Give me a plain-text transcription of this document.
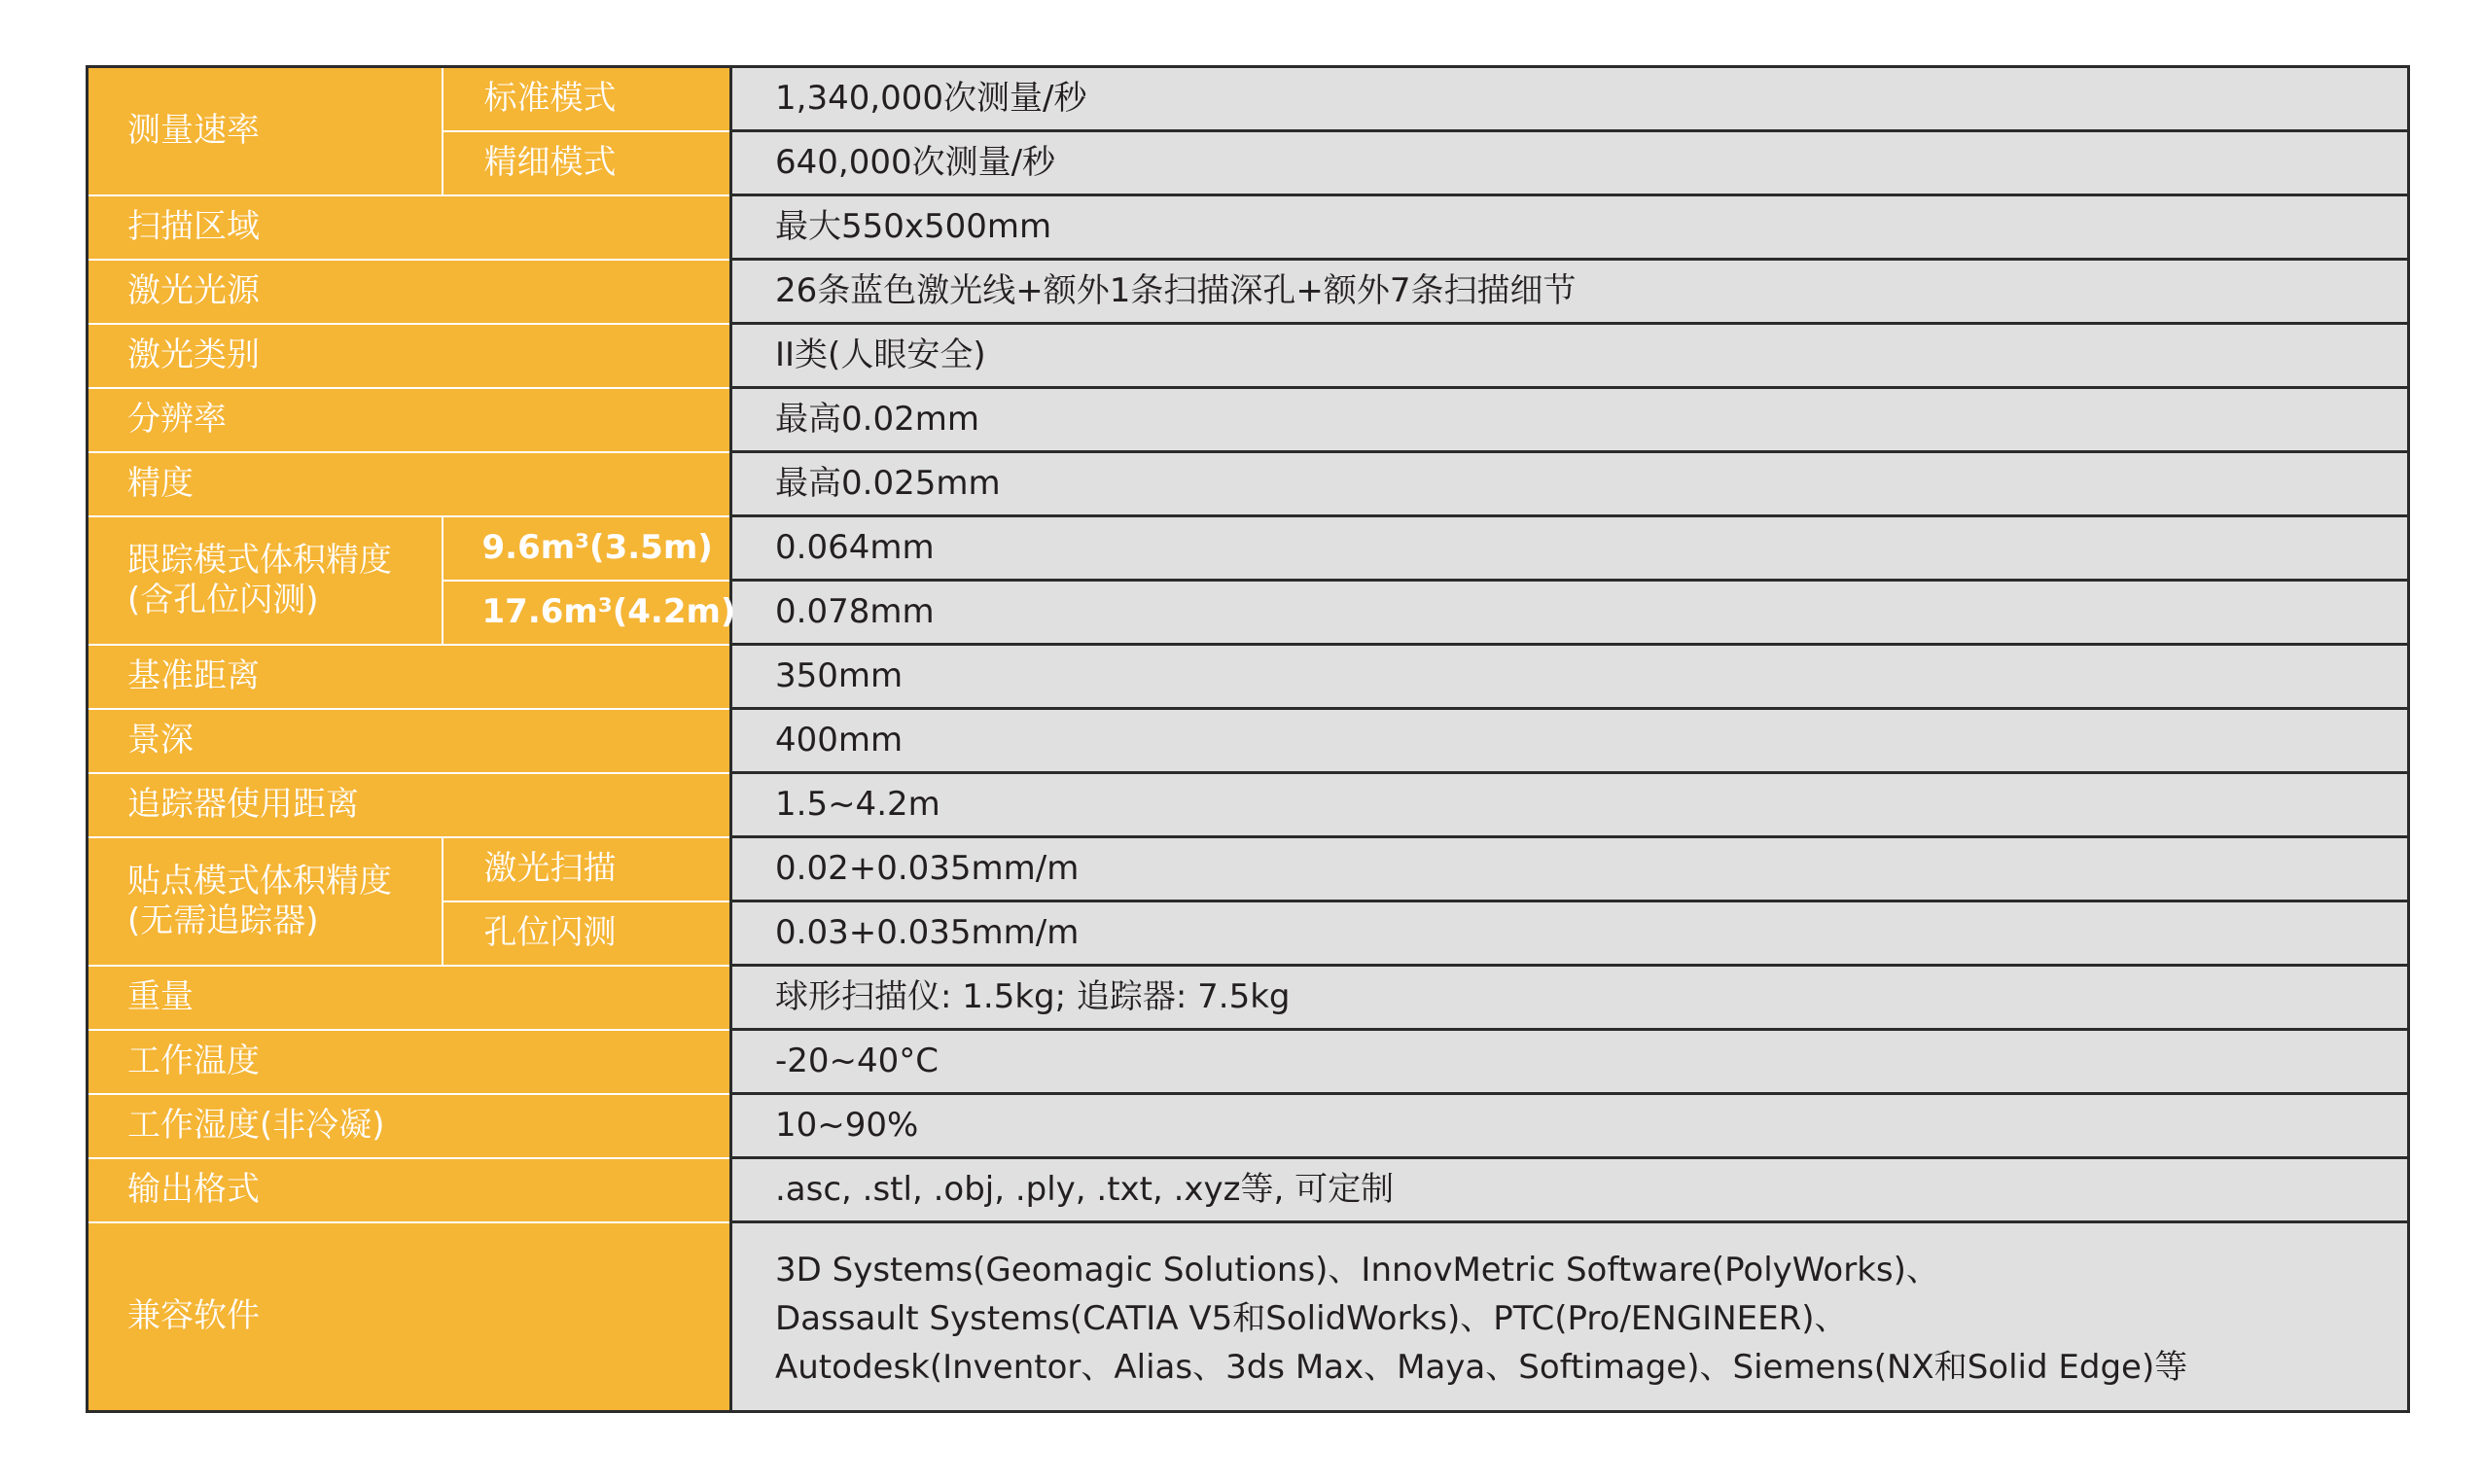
测量速率	标准模式	1,340,000次测量/秒
	精细模式	640,000次测量/秒
扫描区域		最大550x500mm
激光光源		26条蓝色激光线+额外1条扫描深孔+额外7条扫描细节
激光类别		II类(人眼安全)
分辨率		最高0.02mm
精度		最高0.025mm

跟踪模式体积精度
(含孔位闪测)	9.6m³(3.5m)	0.064mm
	17.6m³(4.2m)	0.078mm
基准距离		350mm
景深		400mm
追踪器使用距离		1.5~4.2m

贴点模式体积精度
(无需追踪器)	激光扫描	0.02+0.035mm/m
	孔位闪测	0.03+0.035mm/m
重量		球形扫描仪: 1.5kg; 追踪器: 7.5kg
工作温度		-20~40°C
工作湿度(非冷凝)		10~90%
输出格式		.asc, .stl, .obj, .ply, .txt, .xyz等, 可定制
兼容软件		3D Systems(Geomagic Solutions)、InnovMetric Software(PolyWorks)、
Dassault Systems(CATIA V5和SolidWorks)、PTC(Pro/ENGINEER)、
Autodesk(Inventor、Alias、3ds Max、Maya、Softimage)、Siemens(NX和Solid Edge)等
